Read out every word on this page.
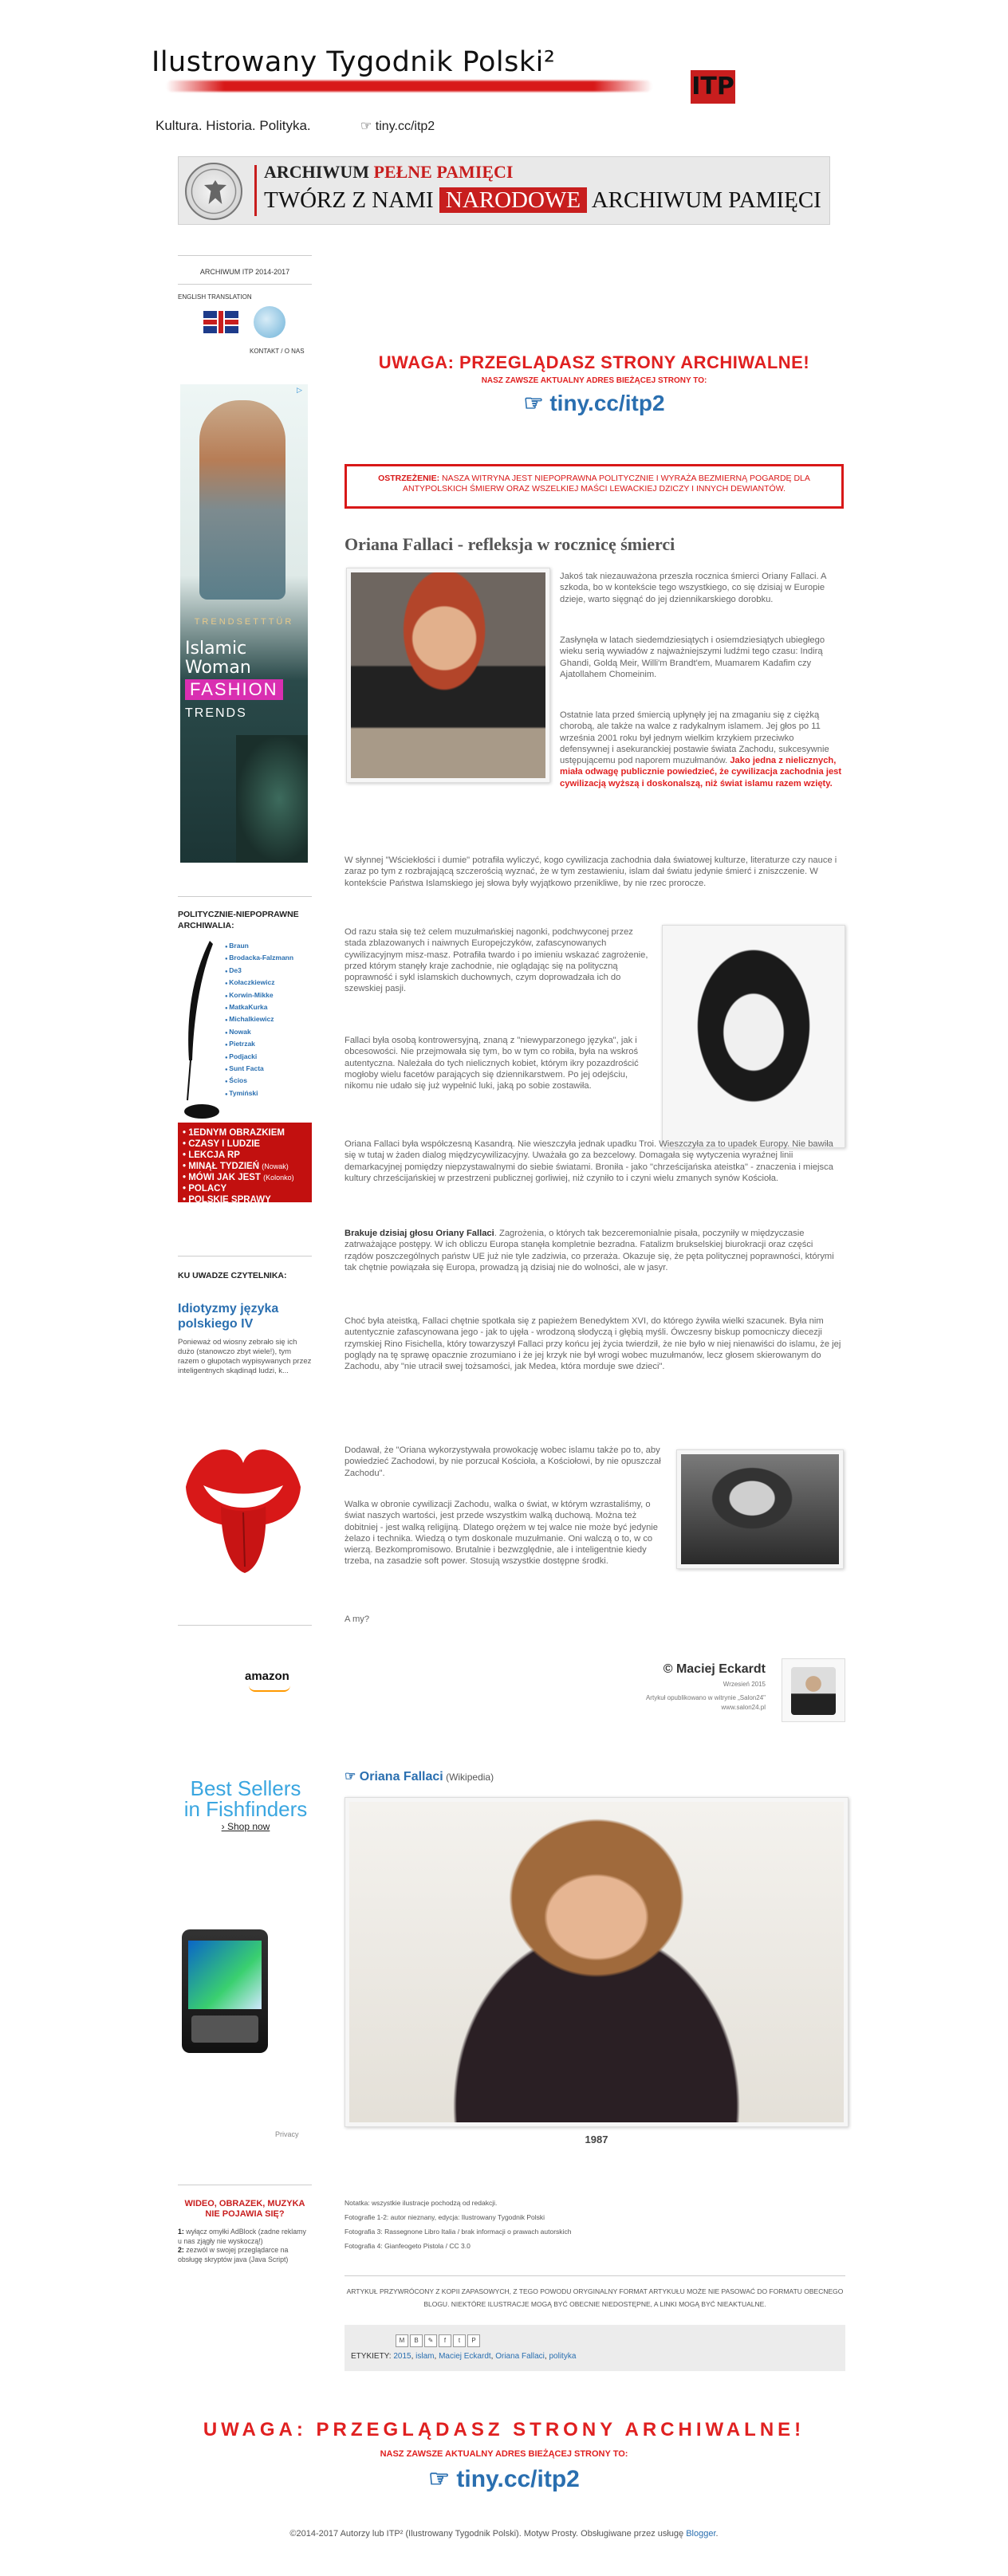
Ilustrowany Tygodnik Polski²
ITP
Kultura. Historia. Polityka.	☞ tiny.cc/itp2
ARCHIWUM PEŁNE PAMIĘCI
TWÓRZ Z NAMI NARODOWE ARCHIWUM PAMIĘCI
ARCHIWUM ITP 2014-2017
ENGLISH TRANSLATION
KONTAKT / O NAS
▷
TRENDSETTTÜR
Islamic
Woman
FASHION
TRENDS
POLITYCZNIE-NIEPOPRAWNE ARCHIWALIA:
● Braun
● Brodacka-Falzmann
● De3
● Kołaczkiewicz
● Korwin-Mikke
● MatkaKurka
● Michalkiewicz
● Nowak
● Pietrzak
● Podjacki
● Sunt Facta
● Ścios
● Tymiński
• 1EDNYM OBRAZKIEM
• CZASY I LUDZIE
• LEKCJA RP
• MINĄŁ TYDZIEŃ (Nowak)
• MÓWI JAK JEST (Kolonko)
• POLACY
• POLSKIE SPRAWY
• WYWIADY
KU UWADZE CZYTELNIKA:
Idiotyzmy języka polskiego IV
Ponieważ od wiosny zebrało się ich dużo (stanowczo zbyt wiele!), tym razem o głupotach wypisywanych przez inteligentnych skądinąd ludzi, k...
amazon
Best Sellers in Fishfinders
› Shop now
Privacy
WIDEO, OBRAZEK, MUZYKA NIE POJAWIA SIĘ?
1: wyłącz omyłki AdBlock (zadne reklamy u nas zjągły nie wyskoczą!)
2: zezwól w swojej przeglądarce na obsługę skryptów java (Java Script)
UWAGA: PRZEGLĄDASZ STRONY ARCHIWALNE!
NASZ ZAWSZE AKTUALNY ADRES BIEŻĄCEJ STRONY TO:
☞ tiny.cc/itp2
OSTRZEŻENIE: NASZA WITRYNA JEST NIEPOPRAWNA POLITYCZNIE I WYRAŻA BEZMIERNĄ POGARDĘ DLA ANTYPOLSKICH ŚMIERW ORAZ WSZELKIEJ MAŚCI LEWACKIEJ DZICZY I INNYCH DEWIANTÓW.
Oriana Fallaci - refleksja w rocznicę śmierci
Jakoś tak niezauważona przeszła rocznica śmierci Oriany Fallaci. A szkoda, bo w kontekście tego wszystkiego, co się dzisiaj w Europie dzieje, warto sięgnąć do jej dziennikarskiego dorobku.
Zasłynęła w latach siedemdziesiątych i osiemdziesiątych ubiegłego wieku serią wywiadów z najważniejszymi ludźmi tego czasu: Indirą Ghandi, Goldą Meir, Willi'm Brandt'em, Muamarem Kadafim czy Ajatollahem Chomeinim.
Ostatnie lata przed śmiercią upłynęły jej na zmaganiu się z ciężką chorobą, ale także na walce z radykalnym islamem. Jej głos po 11 września 2001 roku był jednym wielkim krzykiem przeciwko defensywnej i asekuranckiej postawie świata Zachodu, sukcesywnie ustępującemu pod naporem muzułmanów. Jako jedna z nielicznych, miała odwagę publicznie powiedzieć, że cywilizacja zachodnia jest cywilizacją wyższą i doskonalszą, niż świat islamu razem wzięty.
W słynnej "Wściekłości i dumie" potrafiła wyliczyć, kogo cywilizacja zachodnia dała światowej kulturze, literaturze czy nauce i zaraz po tym z rozbrajającą szczerością wyznać, że w tym zestawieniu, islam dał światu jedynie śmierć i zniszczenie. W kontekście Państwa Islamskiego jej słowa były wyjątkowo przenikliwe, by nie rzec prorocze.
Od razu stała się też celem muzułmańskiej nagonki, podchwyconej przez stada zblazowanych i naiwnych Europejczyków, zafascynowanych cywilizacyjnym misz-masz. Potrafiła twardo i po imieniu wskazać zagrożenie, przed którym stanęły kraje zachodnie, nie oglądając się na polityczną poprawność i sykl islamskich duchownych, czym doprowadzała ich do szewskiej pasji.
Fallaci była osobą kontrowersyjną, znaną z "niewyparzonego języka", jak i obcesowości. Nie przejmowała się tym, bo w tym co robiła, była na wskroś autentyczna. Należała do tych nielicznych kobiet, którym ikry pozazdrościć mogłoby wielu facetów parających się dziennikarstwem. Po jej odejściu, nikomu nie udało się już wypełnić luki, jaką po sobie zostawiła.
Oriana Fallaci była współczesną Kasandrą. Nie wieszczyła jednak upadku Troi. Wieszczyła za to upadek Europy. Nie bawiła się w tutaj w żaden dialog międzycywilizacyjny. Uważała go za bezcelowy. Domagała się wytyczenia wyraźnej linii demarkacyjnej pomiędzy niepzystawalnymi do siebie światami. Broniła - jako "chrześcijańska ateistka" - znaczenia i miejsca kultury chrześcijańskiej w przestrzeni publicznej gorliwiej, niż czyniło to i czyni wielu zmanych synów Kościoła.
Brakuje dzisiaj głosu Oriany Fallaci. Zagrożenia, o których tak bezceremonialnie pisała, poczyniły w międzyczasie zatrważające postępy. W ich obliczu Europa stanęła kompletnie bezradna. Fatalizm brukselskiej biurokracji oraz części rządów poszczególnych państw UE już nie tyle zadziwia, co przeraża. Okazuje się, że pęta politycznej poprawności, którymi tak chętnie powiązała się Europa, prowadzą ją dzisiaj nie do wolności, ale w jasyr.
Choć była ateistką, Fallaci chętnie spotkała się z papieżem Benedyktem XVI, do którego żywiła wielki szacunek. Była nim autentycznie zafascynowana jego - jak to ujęła - wrodzoną słodyczą i głębią myśli. Ówczesny biskup pomocniczy diecezji rzymskiej Rino Fisichella, który towarzyszył Fallaci przy końcu jej życia twierdził, że nie było w niej nienawiści do islamu, że jej poglądy na tę sprawę opacznie zrozumiano i że jej krzyk nie był wrogi wobec muzułmanów, lecz głosem skierowanym do Zachodu, aby "nie utracił swej tożsamości, jak Medea, która morduje swe dzieci".
Dodawał, że "Oriana wykorzystywała prowokację wobec islamu także po to, aby powiedzieć Zachodowi, by nie porzucał Kościoła, a Kościołowi, by nie opuszczał Zachodu".
Walka w obronie cywilizacji Zachodu, walka o świat, w którym wzrastaliśmy, o świat naszych wartości, jest przede wszystkim walką duchową. Można też dobitniej - jest walką religijną. Dlatego orężem w tej walce nie może być jedynie żelazo i technika. Wiedzą o tym doskonale muzułmanie. Oni walczą o to, w co wierzą. Bezkompromisowo. Brutalnie i bezwzględnie, ale i inteligentnie kiedy trzeba, na zasadzie soft power. Stosują wszystkie dostępne środki.
A my?
© Maciej Eckardt
Wrzesień 2015
Artykuł opublikowano w witrynie „Salon24" www.salon24.pl
☞ Oriana Fallaci (Wikipedia)
1987
Notatka: wszystkie ilustracje pochodzą od redakcji.
Fotografie 1-2: autor nieznany, edycja: Ilustrowany Tygodnik Polski
Fotografia 3: Rassegnone Libro Italia / brak informacji o prawach autorskich
Fotografia 4: Gianfeogeto Pistola / CC 3.0
ARTYKUŁ PRZYWRÓCONY Z KOPII ZAPASOWYCH, Z TEGO POWODU ORYGINALNY FORMAT ARTYKUŁU MOŻE NIE PASOWAĆ DO FORMATU OBECNEGO BLOGU. NIEKTÓRE ILUSTRACJE MOGĄ BYĆ OBECNIE NIEDOSTĘPNE, A LINKI MOGĄ BYĆ NIEAKTUALNE.
M	B	✎	f	t	P
ETYKIETY: 2015, islam, Maciej Eckardt, Oriana Fallaci, polityka
UWAGA: PRZEGLĄDASZ STRONY ARCHIWALNE!
NASZ ZAWSZE AKTUALNY ADRES BIEŻĄCEJ STRONY TO:
☞ tiny.cc/itp2
©2014-2017 Autorzy lub ITP² (Ilustrowany Tygodnik Polski). Motyw Prosty. Obsługiwane przez usługę Blogger.
